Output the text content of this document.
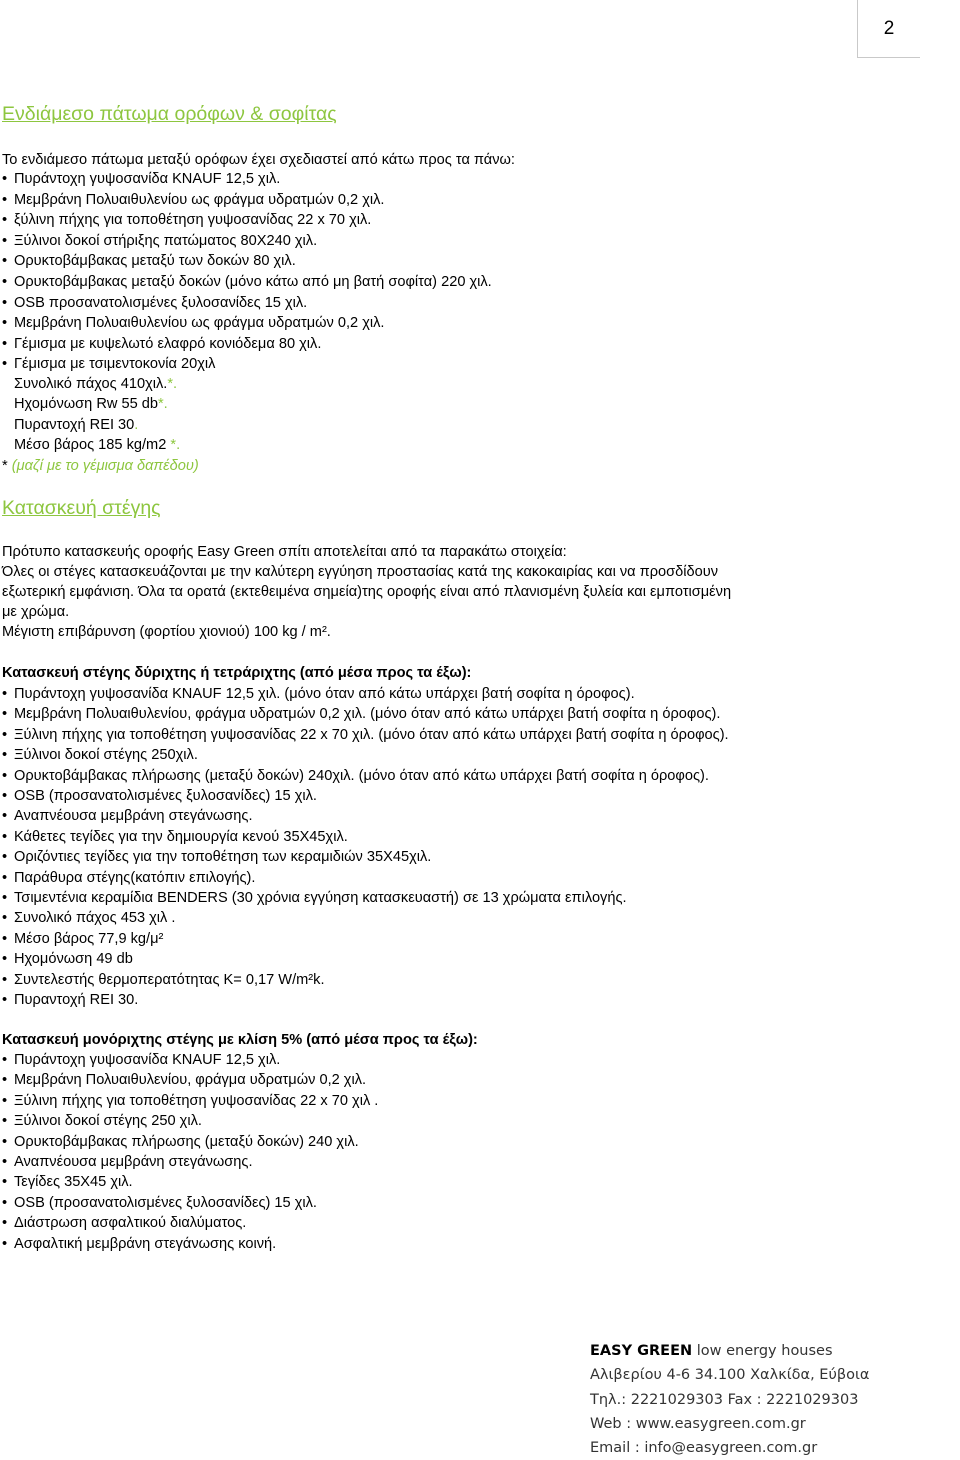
2
Ενδιάμεσο πάτωμα ορόφων & σοφίτας
Το ενδιάμεσο πάτωμα μεταξύ ορόφων έχει σχεδιαστεί από κάτω προς τα πάνω:
• Πυράντοχη γυψοσανίδα KNAUF 12,5 χιλ.
• Μεμβράνη Πολυαιθυλενίου ως φράγμα υδρατμών 0,2 χιλ.
• ξύλινη πήχης για τοποθέτηση γυψοσανίδας 22 x 70 χιλ.
• Ξύλινοι δοκοί στήριξης πατώματος 80X240 χιλ.
• Ορυκτοβάμβακας μεταξύ των δοκών 80 χιλ.
• Ορυκτοβάμβακας μεταξύ δοκών (μόνο κάτω από μη βατή σοφίτα) 220 χιλ.
• OSB προσανατολισμένες ξυλοσανίδες 15 χιλ.
• Μεμβράνη Πολυαιθυλενίου ως φράγμα υδρατμών 0,2 χιλ.
• Γέμισμα με κυψελωτό ελαφρό κονιόδεμα 80 χιλ.
• Γέμισμα με τσιμεντοκονία 20χιλ
Συνολικό πάχος 410χιλ.*.
Ηχομόνωση Rw 55 db*.
Πυραντοχή REI 30.
Μέσο βάρος 185 kg/m2 *.
* (μαζί με το γέμισμα δαπέδου)
Κατασκευή στέγης
Πρότυπο κατασκευής οροφής Easy Green σπίτι αποτελείται από τα παρακάτω στοιχεία:
Όλες οι στέγες κατασκευάζονται με την καλύτερη εγγύηση προστασίας κατά της κακοκαιρίας και να προσδίδουν
εξωτερική εμφάνιση. Όλα τα ορατά (εκτεθειμένα σημεία)της οροφής είναι από πλανισμένη ξυλεία και εμποτισμένη
με χρώμα.
Μέγιστη επιβάρυνση (φορτίου χιονιού) 100 kg / m².
Κατασκευή στέγης δύριχτης ή τετράριχτης (από μέσα προς τα έξω):
• Πυράντοχη γυψοσανίδα KNAUF 12,5 χιλ. (μόνο όταν από κάτω υπάρχει βατή σοφίτα η όροφος).
• Μεμβράνη Πολυαιθυλενίου, φράγμα υδρατμών 0,2 χιλ. (μόνο όταν από κάτω υπάρχει βατή σοφίτα η όροφος).
• Ξύλινη πήχης για τοποθέτηση γυψοσανίδας 22 x 70 χιλ. (μόνο όταν από κάτω υπάρχει βατή σοφίτα η όροφος).
• Ξύλινοι δοκοί στέγης 250χιλ.
• Ορυκτοβάμβακας πλήρωσης (μεταξύ δοκών) 240χιλ. (μόνο όταν από κάτω υπάρχει βατή σοφίτα η όροφος).
• OSB (προσανατολισμένες ξυλοσανίδες) 15 χιλ.
• Αναπνέουσα μεμβράνη στεγάνωσης.
• Κάθετες τεγίδες για την δημιουργία κενού 35Χ45χιλ.
• Οριζόντιες τεγίδες για την τοποθέτηση των κεραμιδιών 35Χ45χιλ.
• Παράθυρα στέγης(κατόπιν επιλογής).
• Τσιμεντένια κεραμίδια BENDERS (30 χρόνια εγγύηση κατασκευαστή) σε 13 χρώματα επιλογής.
• Συνολικό πάχος 453 χιλ .
• Μέσο βάρος 77,9 kg/μ²
• Ηχομόνωση 49 db
• Συντελεστής θερμοπερατότητας K= 0,17 W/m²k.
• Πυραντοχή REI 30.
Κατασκευή μονόριχτης στέγης με κλίση 5% (από μέσα προς τα έξω):
• Πυράντοχη γυψοσανίδα KNAUF 12,5 χιλ.
• Μεμβράνη Πολυαιθυλενίου, φράγμα υδρατμών 0,2 χιλ.
• Ξύλινη πήχης για τοποθέτηση γυψοσανίδας 22 x 70 χιλ .
• Ξύλινοι δοκοί στέγης 250 χιλ.
• Ορυκτοβάμβακας πλήρωσης (μεταξύ δοκών) 240 χιλ.
• Αναπνέουσα μεμβράνη στεγάνωσης.
• Τεγίδες 35Χ45 χιλ.
• OSB (προσανατολισμένες ξυλοσανίδες) 15 χιλ.
• Διάστρωση ασφαλτικού διαλύματος.
• Ασφαλτική μεμβράνη στεγάνωσης κοινή.
EASY GREEN low energy houses
Αλιβερίου 4-6 34.100 Χαλκίδα, Εύβοια
Τηλ.: 2221029303 Fax : 2221029303
Web : www.easygreen.com.gr
Email : info@easygreen.com.gr
